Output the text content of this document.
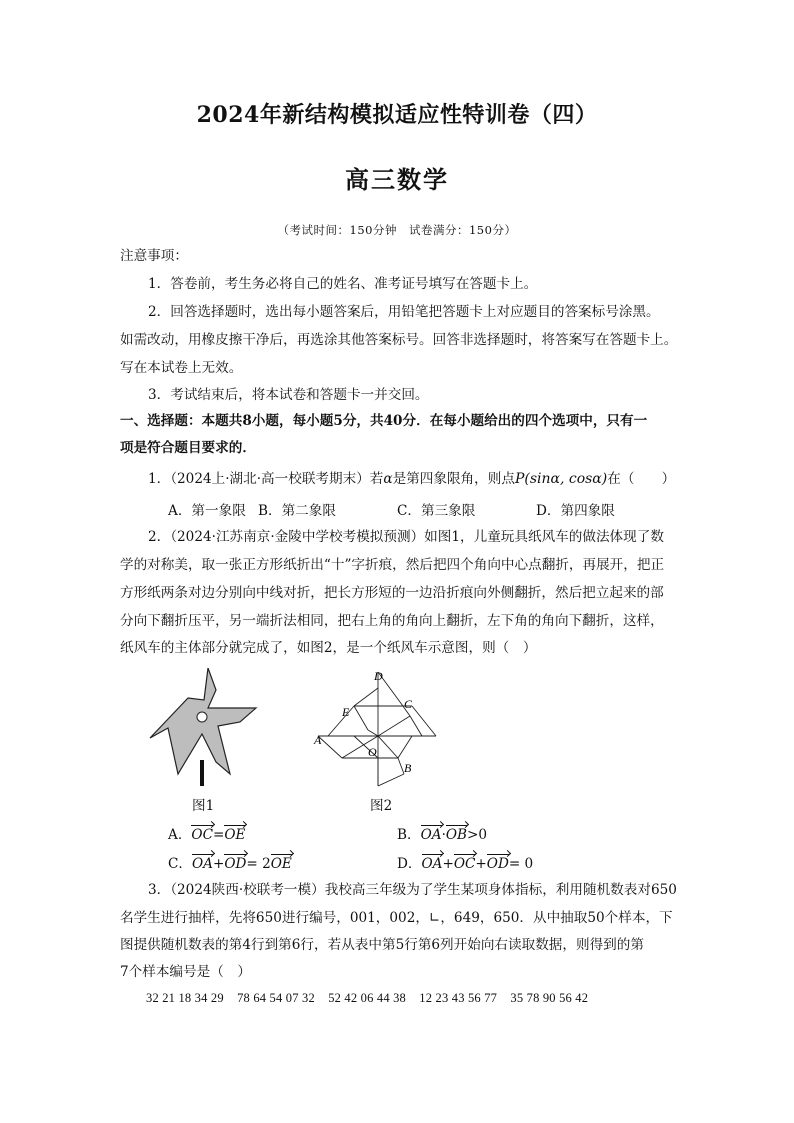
2024年新结构模拟适应性特训卷（四）
高三数学
（考试时间：150分钟　试卷满分：150分）
注意事项：
1．答卷前，考生务必将自己的姓名、准考证号填写在答题卡上。
2．回答选择题时，选出每小题答案后，用铅笔把答题卡上对应题目的答案标号涂黑。
如需改动，用橡皮擦干净后，再选涂其他答案标号。回答非选择题时，将答案写在答题卡上。
写在本试卷上无效。
3．考试结束后，将本试卷和答题卡一并交回。
一、选择题：本题共8小题，每小题5分，共40分．在每小题给出的四个选项中，只有一
项是符合题目要求的．
1．（2024上·湖北·高一校联考期末）若α是第四象限角，则点P(sinα, cosα)在（　　）
A．第一象限 B．第二象限	C．第三象限	D．第四象限
2．（2024·江苏南京·金陵中学校考模拟预测）如图1，儿童玩具纸风车的做法体现了数
学的对称美，取一张正方形纸折出“十”字折痕，然后把四个角向中心点翻折，再展开，把正
方形纸两条对边分别向中线对折，把长方形短的一边沿折痕向外侧翻折，然后把立起来的部
分向下翻折压平，另一端折法相同，把右上角的角向上翻折，左下角的角向下翻折，这样，
纸风车的主体部分就完成了，如图2，是一个纸风车示意图，则（　）
图1
D
E
C
A
O
B
图2
A．OC=OE	B．OA·OB>0
C．OA+OD= 2OE	D．OA+OC+OD= 0
3．（2024陕西·校联考一模）我校高三年级为了学生某项身体指标，利用随机数表对650
名学生进行抽样，先将650进行编号，001，002，∟，649，650．从中抽取50个样本，下
图提供随机数表的第4行到第6行，若从表中第5行第6列开始向右读取数据，则得到的第
7个样本编号是（　）
32 21 18 34 29    78 64 54 07 32    52 42 06 44 38    12 23 43 56 77    35 78 90 56 42
